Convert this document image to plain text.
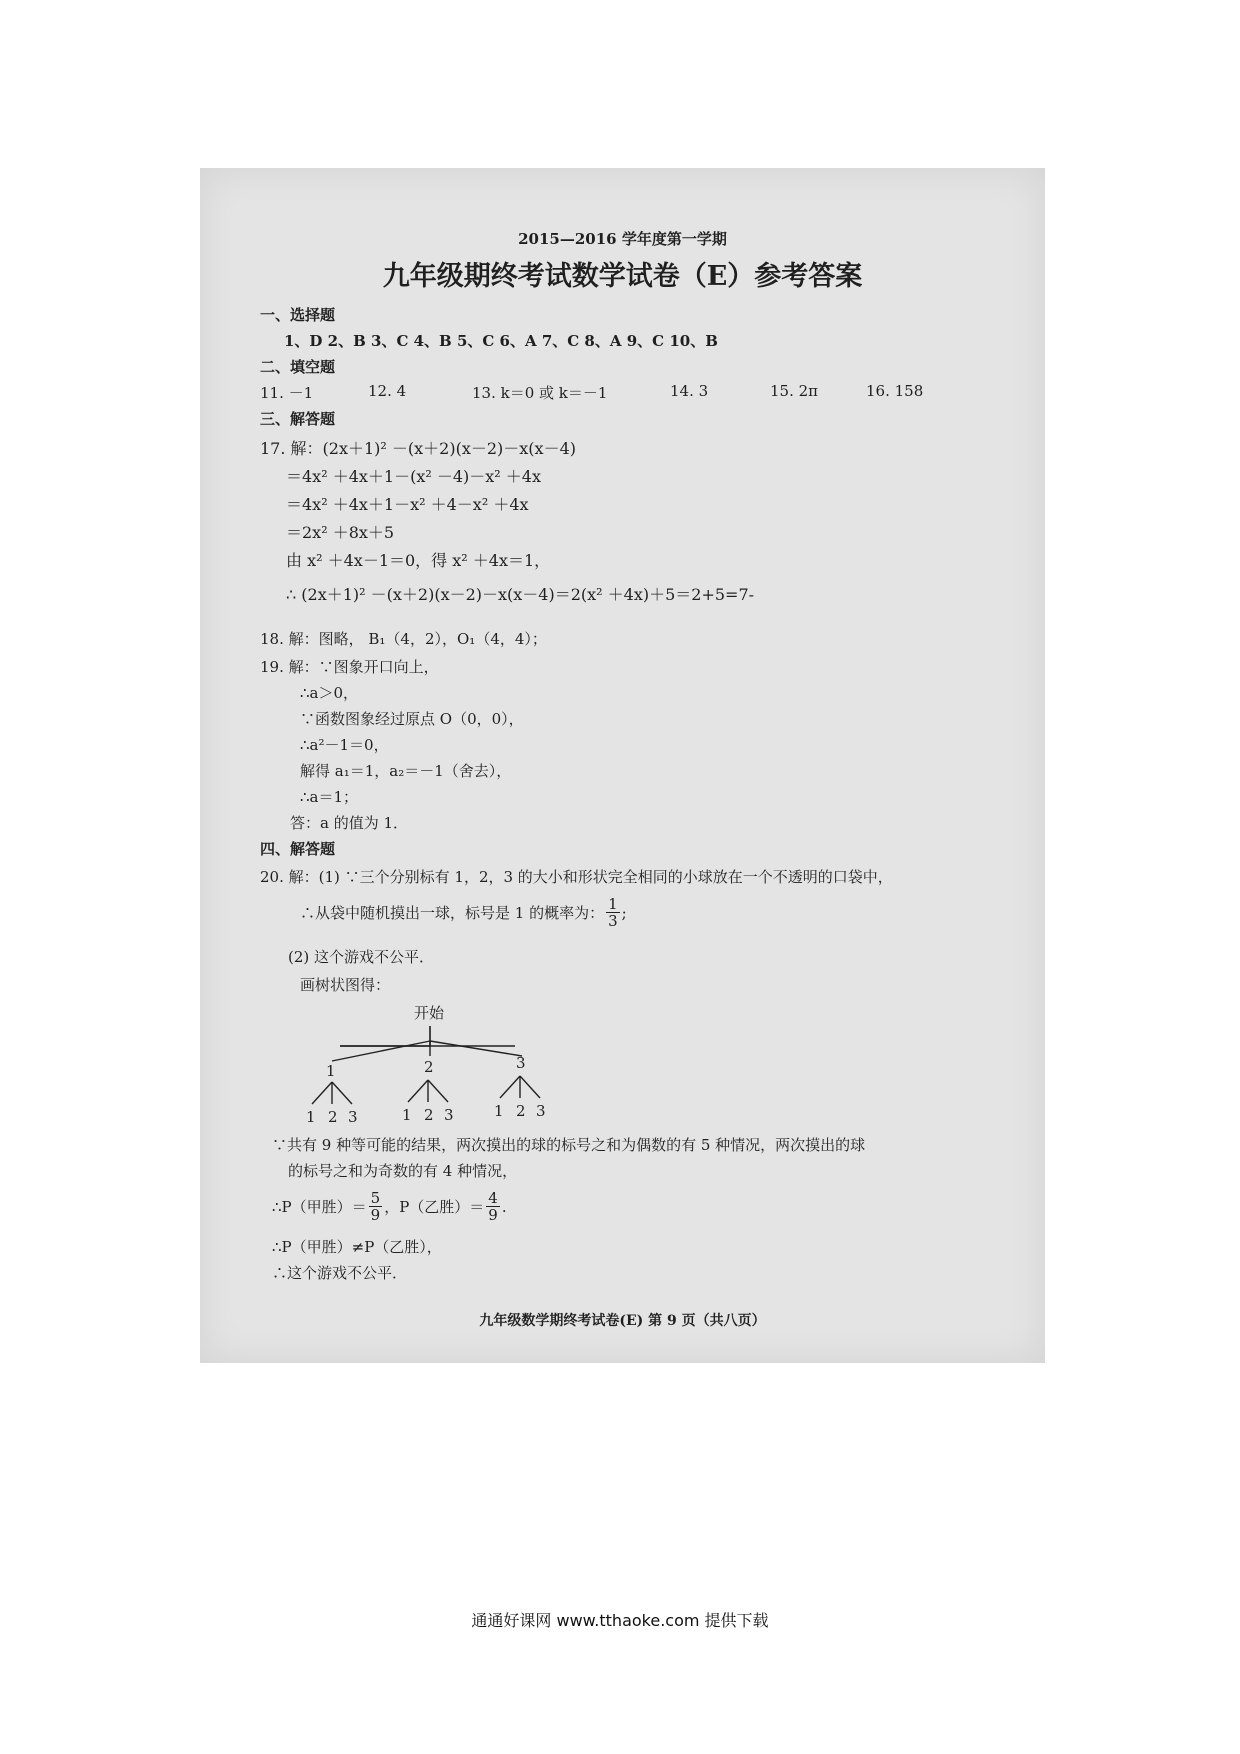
2015—2016 学年度第一学期
九年级期终考试数学试卷（E）参考答案
一、选择题
1、D 2、B 3、C 4、B 5、C 6、A 7、C 8、A 9、C 10、B
二、填空题
11. －1	12. 4	13. k＝0 或 k＝－1	14. 3	15. 2π	16. 158
三、解答题
17. 解：(2x＋1)² －(x＋2)(x－2)－x(x－4)
＝4x² ＋4x＋1－(x² －4)－x² ＋4x
＝4x² ＋4x＋1－x² ＋4－x² ＋4x
＝2x² ＋8x＋5
由 x² ＋4x－1＝0，得 x² ＋4x＝1，
∴ (2x＋1)² －(x＋2)(x－2)－x(x－4)＝2(x² ＋4x)＋5＝2+5=7-
18. 解：图略， B₁（4，2），O₁（4，4）；
19. 解：∵图象开口向上，
∴a＞0，
∵函数图象经过原点 O（0，0），
∴a²－1＝0，
解得 a₁＝1，a₂＝－1（舍去），
∴a＝1；
答：a 的值为 1．
四、解答题
20. 解：(1) ∵三个分别标有 1，2，3 的大小和形状完全相同的小球放在一个不透明的口袋中，
∴从袋中随机摸出一球，标号是 1 的概率为： $\frac{1}{3}$ ;
(2) 这个游戏不公平．
画树状图得：
开始
1	2	3
1 2 3	1 2 3	1 2 3
∵共有 9 种等可能的结果，两次摸出的球的标号之和为偶数的有 5 种情况，两次摸出的球
的标号之和为奇数的有 4 种情况，
∴P（甲胜）＝ $\frac{5}{9}$ ，P（乙胜）＝ $\frac{4}{9}$ .
∴P（甲胜）≠P（乙胜），
∴这个游戏不公平．
九年级数学期终考试卷(E) 第 9 页（共八页）
通通好课网 www.tthaoke.com 提供下载
